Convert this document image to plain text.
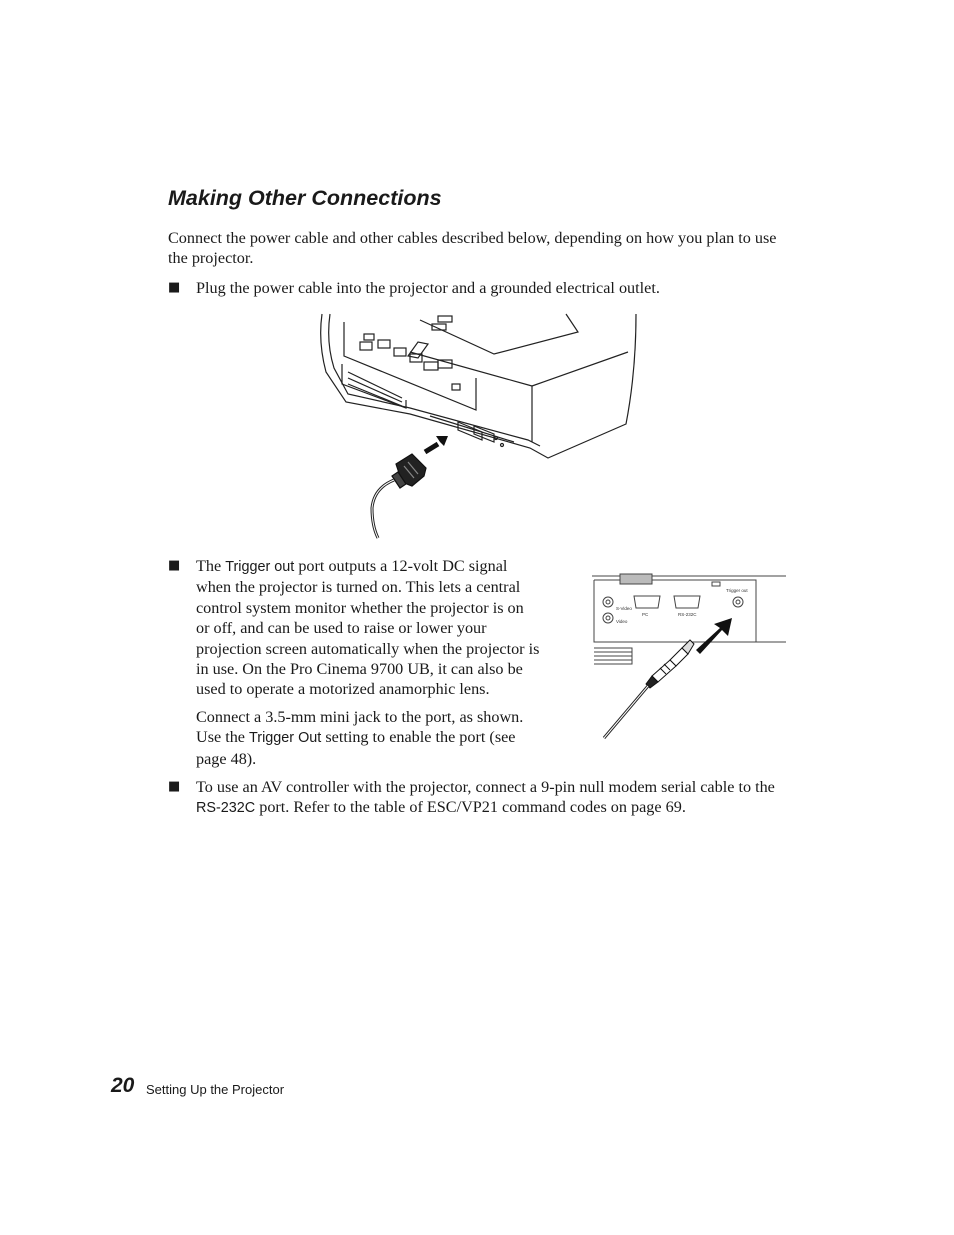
Making Other Connections

Connect the power cable and other cables described below, depending on how you plan to use the projector.

■ Plug the power cable into the projector and a grounded electrical outlet.

■ The Trigger out port outputs a 12-volt DC signal when the projector is turned on. This lets a central control system monitor whether the projector is on or off, and can be used to raise or lower your projection screen automatically when the projector is in use. On the Pro Cinema 9700 UB, it can also be used to operate a motorized anamorphic lens.

Connect a 3.5-mm mini jack to the port, as shown. Use the Trigger Out setting to enable the port (see page 48).

S-Video
Video
PC	RS-232C
Trigger out
■ To use an AV controller with the projector, connect a 9-pin null modem serial cable to the RS-232C port. Refer to the table of ESC/VP21 command codes on page 69.

20 Setting Up the Projector
